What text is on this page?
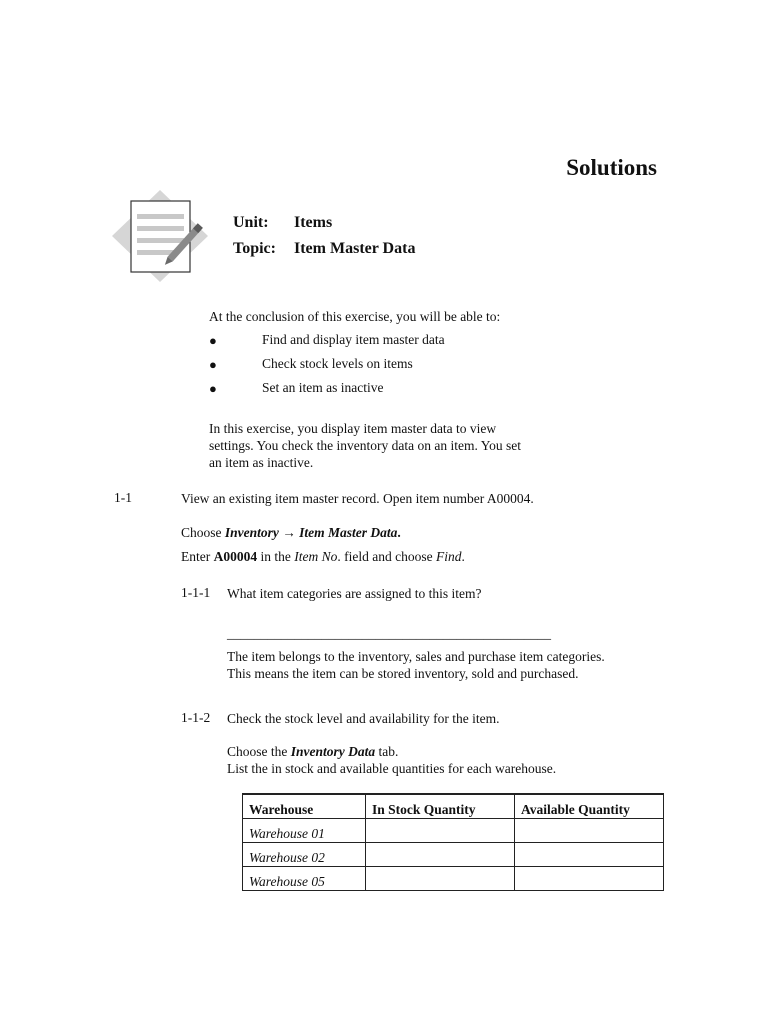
Solutions
Unit: Items
Topic: Item Master Data
At the conclusion of this exercise, you will be able to:
●	Find and display item master data
●	Check stock levels on items
●	Set an item as inactive
In this exercise, you display item master data to view
settings. You check the inventory data on an item. You set
an item as inactive.
1-1	View an existing item master record. Open item number A00004.
Choose Inventory → Item Master Data.
Enter A00004 in the Item No. field and choose Find.
1-1-1 What item categories are assigned to this item?
________________________________________________
The item belongs to the inventory, sales and purchase item categories.
This means the item can be stored inventory, sold and purchased.
1-1-2 Check the stock level and availability for the item.
Choose the Inventory Data tab.
List the in stock and available quantities for each warehouse.
Warehouse	In Stock Quantity	Available Quantity
Warehouse 01		
Warehouse 02		
Warehouse 05		
